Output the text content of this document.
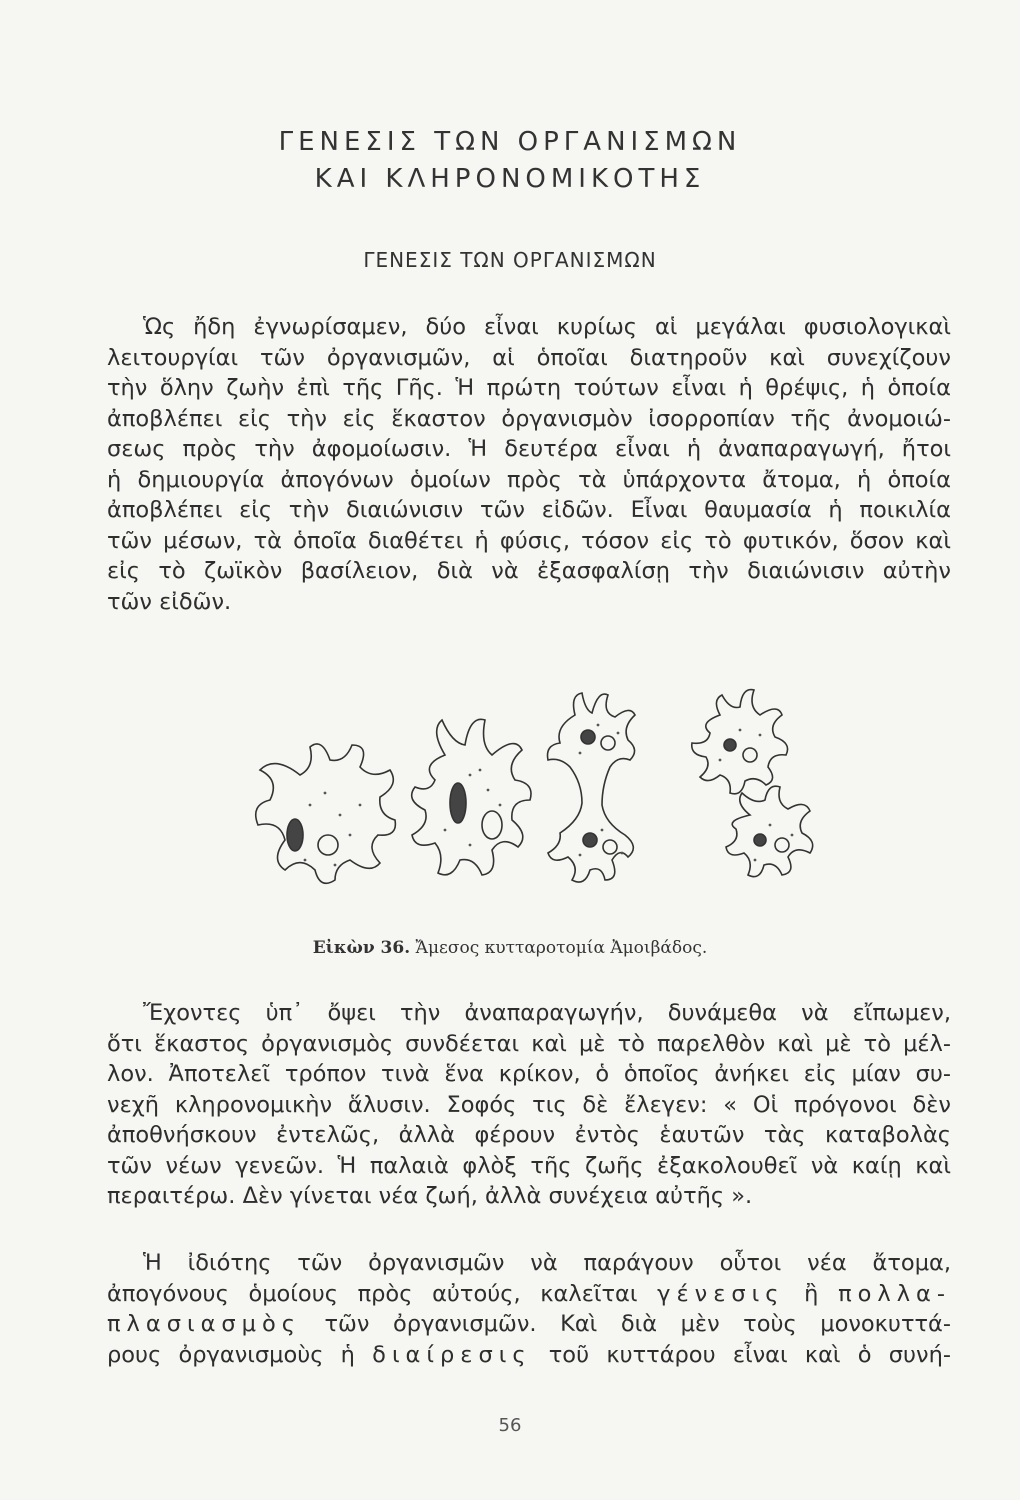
ΓΕΝΕΣΙΣ ΤΩΝ ΟΡΓΑΝΙΣΜΩΝ
ΚΑΙ ΚΛΗΡΟΝΟΜΙΚΟΤΗΣ
ΓΕΝΕΣΙΣ ΤΩΝ ΟΡΓΑΝΙΣΜΩΝ
Ὡς ἤδη ἐγνωρίσαμεν, δύο εἶναι κυρίως αἱ μεγάλαι φυσιολογικαὶ
λειτουργίαι τῶν ὀργανισμῶν, αἱ ὁποῖαι διατηροῦν καὶ συνεχίζουν
τὴν ὅλην ζωὴν ἐπὶ τῆς Γῆς. Ἡ πρώτη τούτων εἶναι ἡ θρέψις, ἡ ὁποία
ἀποβλέπει εἰς τὴν εἰς ἕκαστον ὀργανισμὸν ἰσορροπίαν τῆς ἀνομοιώ-
σεως πρὸς τὴν ἀφομοίωσιν. Ἡ δευτέρα εἶναι ἡ ἀναπαραγωγή, ἤτοι
ἡ δημιουργία ἀπογόνων ὁμοίων πρὸς τὰ ὑπάρχοντα ἄτομα, ἡ ὁποία
ἀποβλέπει εἰς τὴν διαιώνισιν τῶν εἰδῶν. Εἶναι θαυμασία ἡ ποικιλία
τῶν μέσων, τὰ ὁποῖα διαθέτει ἡ φύσις, τόσον εἰς τὸ φυτικόν, ὅσον καὶ
εἰς τὸ ζωϊκὸν βασίλειον, διὰ νὰ ἐξασφαλίσῃ τὴν διαιώνισιν αὐτὴν
τῶν εἰδῶν.
Εἰκὼν 36. Ἄμεσος κυτταροτομία Ἀμοιβάδος.
Ἔχοντες ὑπ᾽ ὄψει τὴν ἀναπαραγωγήν, δυνάμεθα νὰ εἴπωμεν,
ὅτι ἕκαστος ὀργανισμὸς συνδέεται καὶ μὲ τὸ παρελθὸν καὶ μὲ τὸ μέλ-
λον. Ἀποτελεῖ τρόπον τινὰ ἕνα κρίκον, ὁ ὁποῖος ἀνήκει εἰς μίαν συ-
νεχῆ κληρονομικὴν ἅλυσιν. Σοφός τις δὲ ἔλεγεν: « Οἱ πρόγονοι δὲν
ἀποθνήσκουν ἐντελῶς, ἀλλὰ φέρουν ἐντὸς ἑαυτῶν τὰς καταβολὰς
τῶν νέων γενεῶν. Ἡ παλαιὰ φλὸξ τῆς ζωῆς ἐξακολουθεῖ νὰ καίῃ καὶ
περαιτέρω. Δὲν γίνεται νέα ζωή, ἀλλὰ συνέχεια αὐτῆς ».
Ἡ ἰδιότης τῶν ὀργανισμῶν νὰ παράγουν οὗτοι νέα ἄτομα,
ἀπογόνους ὁμοίους πρὸς αὐτούς, καλεῖται γένεσις ἢ πολλα-
πλασιασμὸς τῶν ὀργανισμῶν. Καὶ διὰ μὲν τοὺς μονοκυττά-
ρους ὀργανισμοὺς ἡ διαίρεσις τοῦ κυττάρου εἶναι καὶ ὁ συνή-
56
